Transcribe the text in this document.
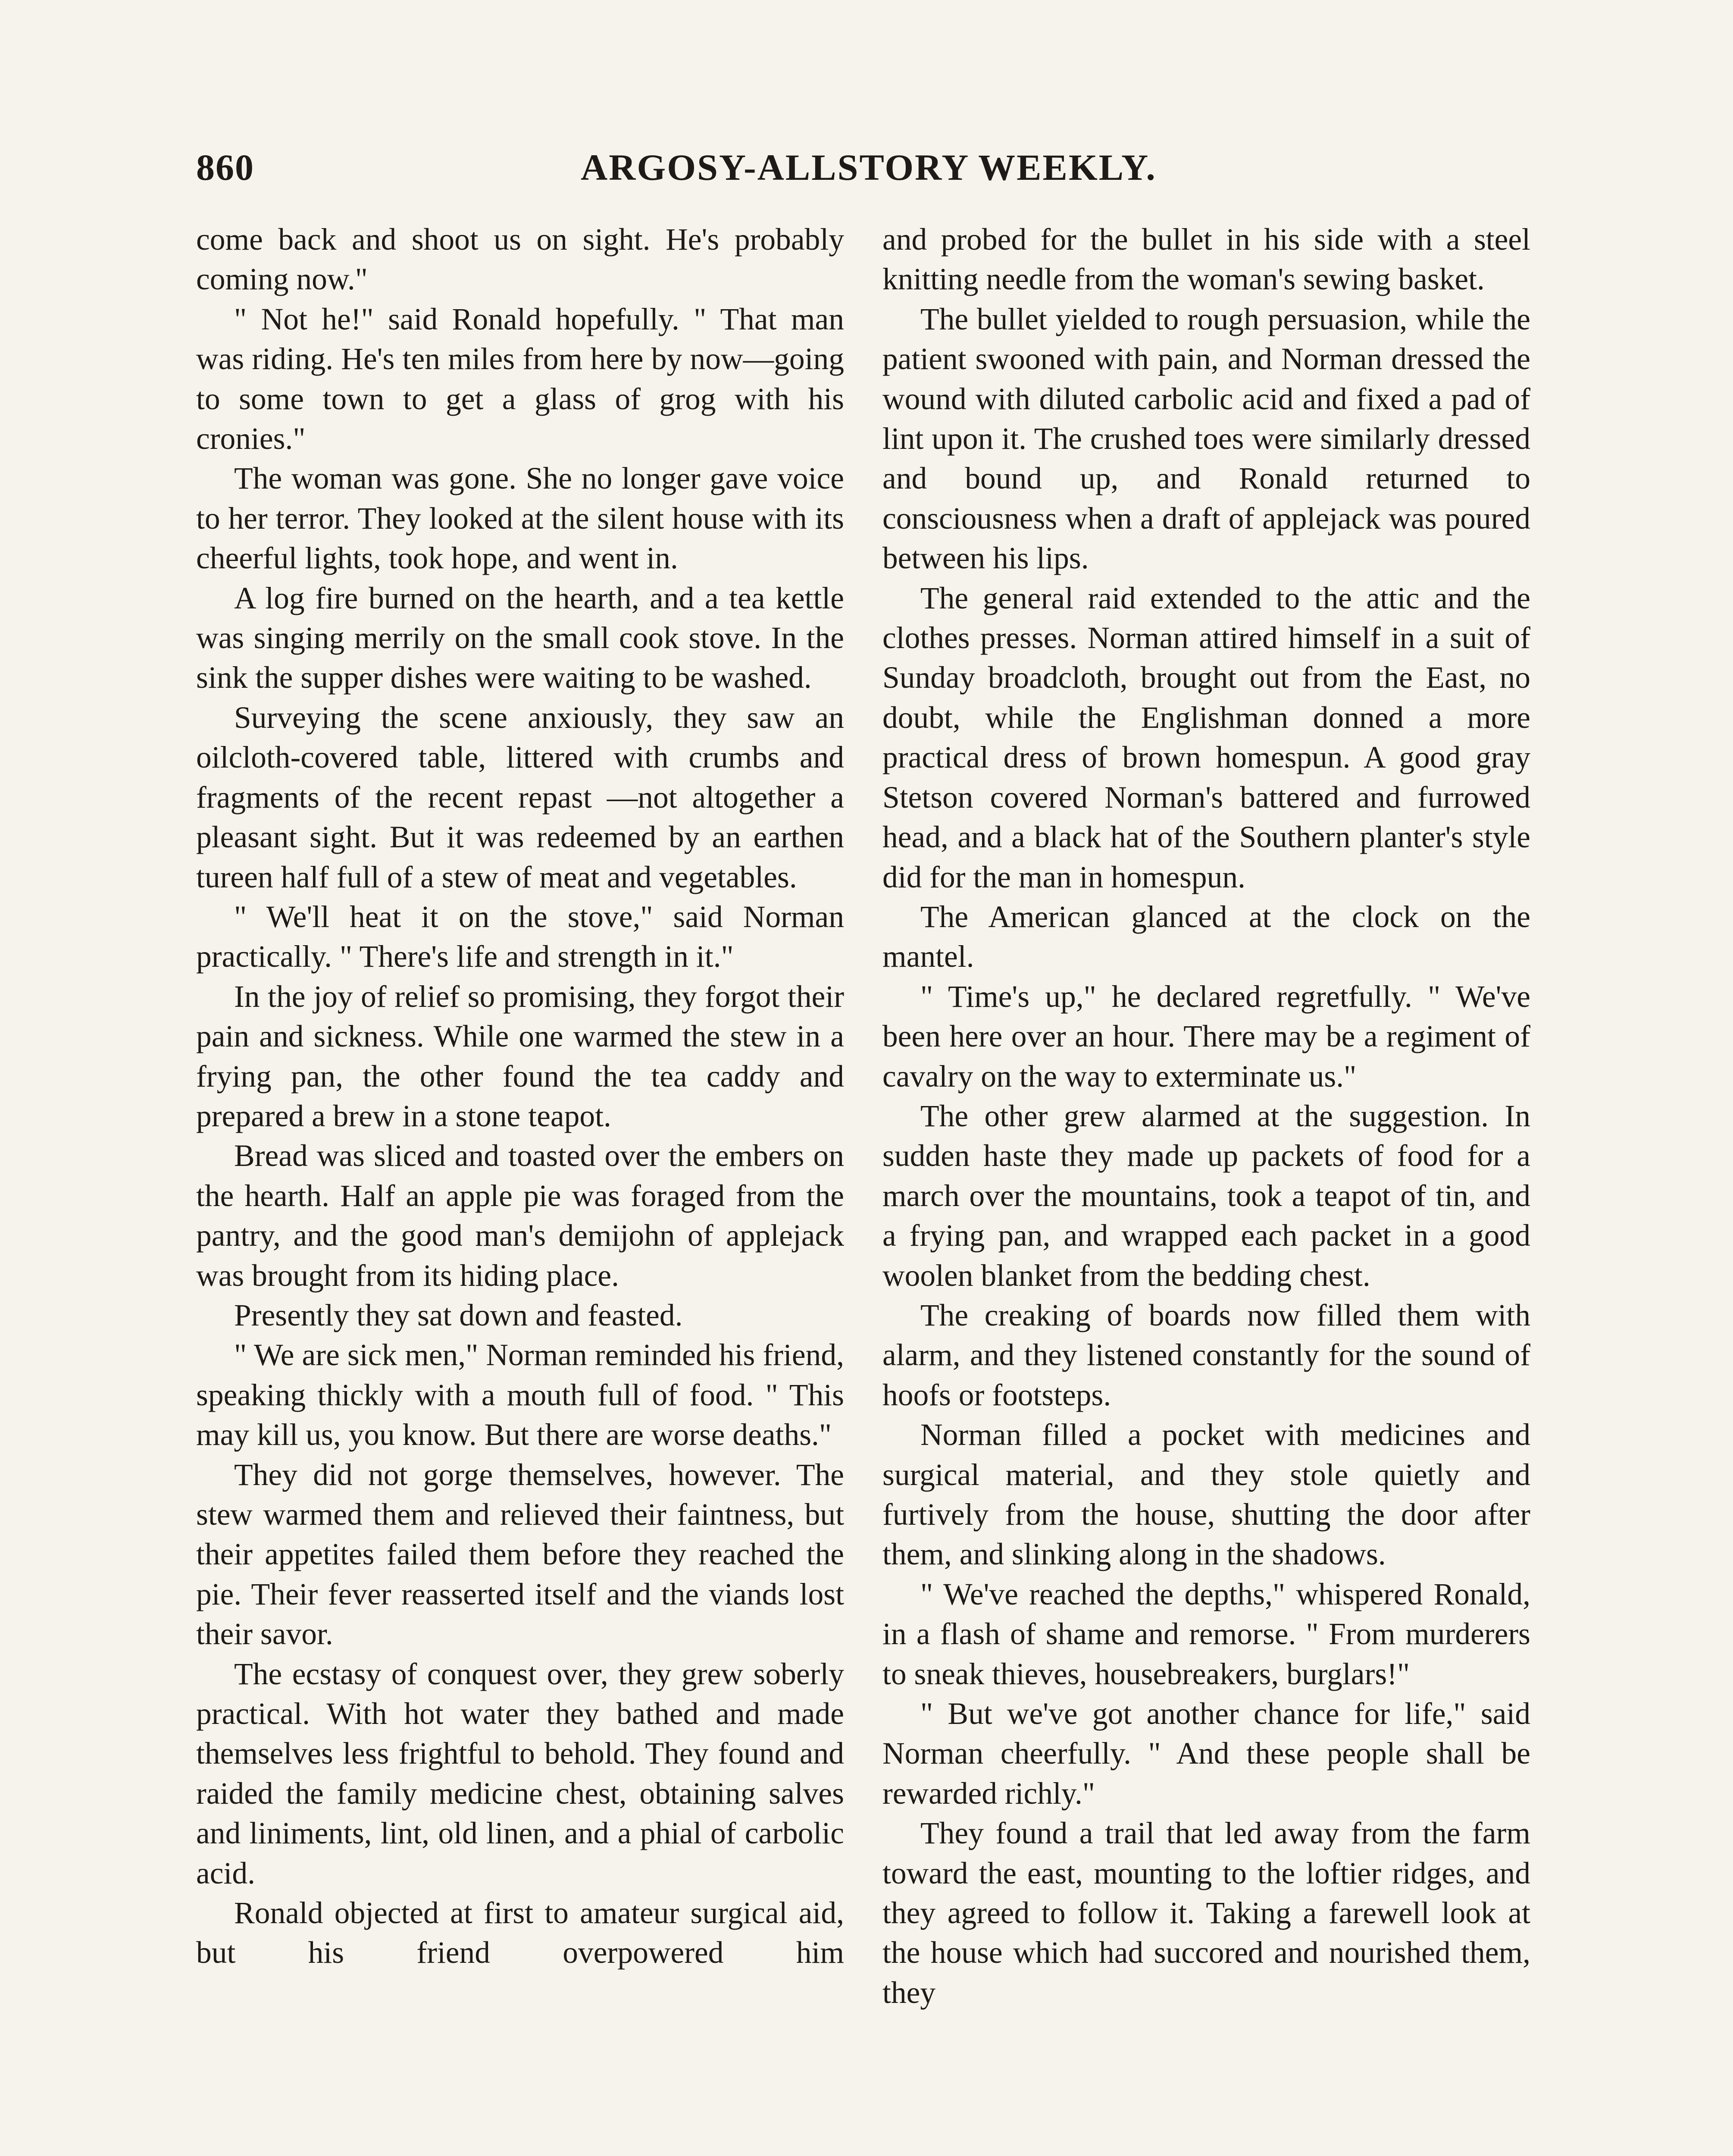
860	ARGOSY-ALLSTORY WEEKLY.

come back and shoot us on sight. He's probably coming now."

" Not he!" said Ronald hopefully. " That man was riding. He's ten miles from here by now—going to some town to get a glass of grog with his cronies."

The woman was gone. She no longer gave voice to her terror. They looked at the silent house with its cheerful lights, took hope, and went in.

A log fire burned on the hearth, and a tea kettle was singing merrily on the small cook stove. In the sink the supper dishes were waiting to be washed.

Surveying the scene anxiously, they saw an oilcloth-covered table, littered with crumbs and fragments of the recent repast —not altogether a pleasant sight. But it was redeemed by an earthen tureen half full of a stew of meat and vegetables.

" We'll heat it on the stove," said Norman practically. " There's life and strength in it."

In the joy of relief so promising, they forgot their pain and sickness. While one warmed the stew in a frying pan, the other found the tea caddy and prepared a brew in a stone teapot.

Bread was sliced and toasted over the embers on the hearth. Half an apple pie was foraged from the pantry, and the good man's demijohn of applejack was brought from its hiding place.

Presently they sat down and feasted.

" We are sick men," Norman reminded his friend, speaking thickly with a mouth full of food. " This may kill us, you know. But there are worse deaths."

They did not gorge themselves, however. The stew warmed them and relieved their faintness, but their appetites failed them before they reached the pie. Their fever reasserted itself and the viands lost their savor.

The ecstasy of conquest over, they grew soberly practical. With hot water they bathed and made themselves less frightful to behold. They found and raided the family medicine chest, obtaining salves and liniments, lint, old linen, and a phial of carbolic acid.

Ronald objected at first to amateur surgical aid, but his friend overpowered him

and probed for the bullet in his side with a steel knitting needle from the woman's sewing basket.

The bullet yielded to rough persuasion, while the patient swooned with pain, and Norman dressed the wound with diluted carbolic acid and fixed a pad of lint upon it. The crushed toes were similarly dressed and bound up, and Ronald returned to consciousness when a draft of applejack was poured between his lips.

The general raid extended to the attic and the clothes presses. Norman attired himself in a suit of Sunday broadcloth, brought out from the East, no doubt, while the Englishman donned a more practical dress of brown homespun. A good gray Stetson covered Norman's battered and furrowed head, and a black hat of the Southern planter's style did for the man in homespun.

The American glanced at the clock on the mantel.

" Time's up," he declared regretfully. " We've been here over an hour. There may be a regiment of cavalry on the way to exterminate us."

The other grew alarmed at the suggestion. In sudden haste they made up packets of food for a march over the mountains, took a teapot of tin, and a frying pan, and wrapped each packet in a good woolen blanket from the bedding chest.

The creaking of boards now filled them with alarm, and they listened constantly for the sound of hoofs or footsteps.

Norman filled a pocket with medicines and surgical material, and they stole quietly and furtively from the house, shutting the door after them, and slinking along in the shadows.

" We've reached the depths," whispered Ronald, in a flash of shame and remorse. " From murderers to sneak thieves, housebreakers, burglars!"

" But we've got another chance for life," said Norman cheerfully. " And these people shall be rewarded richly."

They found a trail that led away from the farm toward the east, mounting to the loftier ridges, and they agreed to follow it. Taking a farewell look at the house which had succored and nourished them, they
